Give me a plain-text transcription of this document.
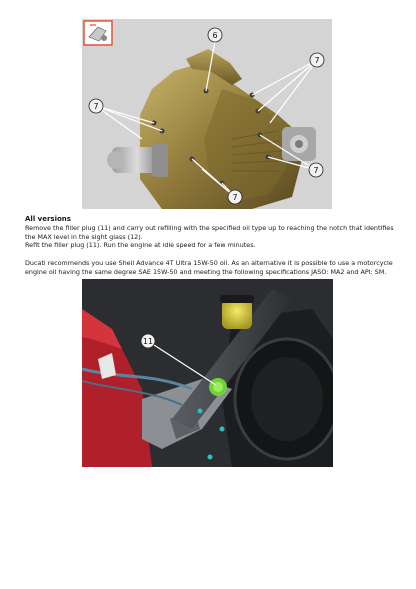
6
7
7
7
7

All versions

Remove the filler plug (11) and carry out refilling with the specified oil type up to reaching the notch that identifies
the MAX level in the sight glass (12).

Refit the filler plug (11). Run the engine at idle speed for a few minutes.

Ducati recommends you use Shell Advance 4T Ultra 15W-50 oil. As an alternative it is possible to use a motorcycle
engine oil having the same degree SAE 15W-50 and meeting the following specifications JASO: MA2 and API: SM.

11
